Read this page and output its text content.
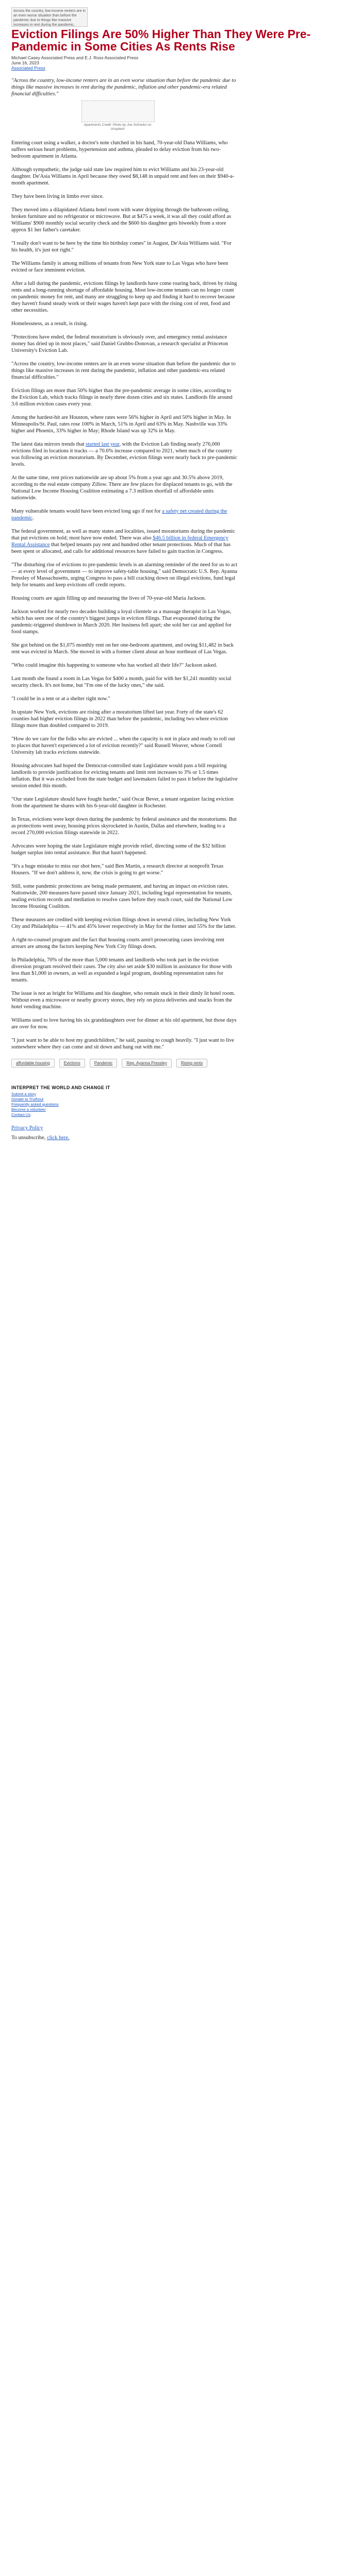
Across the country, low-income renters are in an even worse situation than before the pandemic due to things like massive increases in rent during the pandemic,
Eviction Filings Are 50% Higher Than They Were Pre-Pandemic in Some Cities As Rents Rise

Michael Casey Associated Press and E.J. Ross Associated Press

June 16, 2023

Associated Press

"Across the country, low-income renters are in an even worse situation than before the pandemic due to things like massive increases in rent during the pandemic, inflation and other pandemic-era related financial difficulties."

Apartments Credit: Photo by Joe Sofranko on Unsplash

Entering court using a walker, a doctor's note clutched in his hand, 70-year-old Dana Williams, who suffers serious heart problems, hypertension and asthma, pleaded to delay eviction from his two-bedroom apartment in Atlanta.

Although sympathetic, the judge said state law required him to evict Williams and his 23-year-old daughter. De'Asia Williams in April because they owed $8,148 in unpaid rent and fees on their $940-a-month apartment.

They have been living in limbo ever since.

They moved into a dilapidated Atlanta hotel room with water dripping through the bathroom ceiling, broken furniture and no refrigerator or microwave. But at $475 a week, it was all they could afford as Williams' $900 monthly social security check and the $600 his daughter gets biweekly from a store approx $1 her father's caretaker.

"I really don't want to be here by the time his birthday comes" in August, De'Asia Williams said. "For his health, it's just not right."

The Williams family is among millions of tenants from New York state to Las Vegas who have been evicted or face imminent eviction.

After a lull during the pandemic, evictions filings by landlords have come roaring back, driven by rising rents and a long-running shortage of affordable housing. Most low-income tenants can no longer count on pandemic money for rent, and many are struggling to keep up and finding it hard to recover because they haven't found steady work or their wages haven't kept pace with the rising cost of rent, food and other necessities.

Homelessness, as a result, is rising.

"Protections have ended, the federal moratorium is obviously over, and emergency rental assistance money has dried up in most places," said Daniel Grubbs-Donovan, a research specialist at Princeton University's Eviction Lab.

"Across the country, low-income renters are in an even worse situation than before the pandemic due to things like massive increases in rent during the pandemic, inflation and other pandemic-era related financial difficulties."

Eviction filings are more than 50% higher than the pre-pandemic average in some cities, according to the Eviction Lab, which tracks filings in nearly three dozen cities and six states. Landlords file around 3.6 million eviction cases every year.

Among the hardest-hit are Houston, where rates were 56% higher in April and 50% higher in May. In Minneapolis/St. Paul, rates rose 100% in March, 51% in April and 63% in May. Nashville was 33% higher and Phoenix, 33% higher in May; Rhode Island was up 32% in May.

The latest data mirrors trends that started last year, with the Eviction Lab finding nearly 276,000 evictions filed in locations it tracks — a 70.6% increase compared to 2021, when much of the country was following an eviction moratorium. By December, eviction filings were nearly back to pre-pandemic levels.

At the same time, rent prices nationwide are up about 5% from a year ago and 30.5% above 2019, according to the real estate company Zillow. There are few places for displaced tenants to go, with the National Low Income Housing Coalition estimating a 7.3 million shortfall of affordable units nationwide.

Many vulnerable tenants would have been evicted long ago if not for a safety net created during the pandemic.

The federal government, as well as many states and localities, issued moratoriums during the pandemic that put evictions on hold; most have now ended. There was also $46.5 billion in federal Emergency Rental Assistance that helped tenants pay rent and hundred other tenant protections. Much of that has been spent or allocated, and calls for additional resources have failed to gain traction in Congress.

"The disturbing rise of evictions to pre-pandemic levels is an alarming reminder of the need for us to act — at every level of government — to improve safety-table housing," said Democratic U.S. Rep. Ayanna Pressley of Massachusetts, urging Congress to pass a bill cracking down on illegal evictions, fund legal help for tenants and keep evictions off credit reports.

Housing courts are again filling up and measuring the lives of 70-year-old Maria Jackson.

Jackson worked for nearly two decades building a loyal clientele as a massage therapist in Las Vegas, which has seen one of the country's biggest jumps in eviction filings. That evaporated during the pandemic-triggered shutdown in March 2020. Her business fell apart; she sold her car and applied for food stamps.

She got behind on the $1,075 monthly rent on her one-bedroom apartment, and owing $11,482 in back rent was evicted in March. She moved in with a former client about an hour northeast of Las Vegas.

"Who could imagine this happening to someone who has worked all their life?" Jackson asked.

Last month she found a room in Las Vegas for $400 a month, paid for with her $1,241 monthly social security check. It's not home, but "I'm one of the lucky ones," she said.

"I could be in a tent or at a shelter right now."

In upstate New York, evictions are rising after a moratorium lifted last year. Forty of the state's 62 counties had higher eviction filings in 2022 than before the pandemic, including two where eviction filings more than doubled compared to 2019.

"How do we care for the folks who are evicted ... when the capacity is not in place and ready to roll out to places that haven't experienced a lot of eviction recently?" said Russell Weaver, whose Cornell University lab tracks evictions statewide.

Housing advocates had hoped the Democrat-controlled state Legislature would pass a bill requiring landlords to provide justification for evicting tenants and limit rent increases to 3% or 1.5 times inflation. But it was excluded from the state budget and lawmakers failed to pass it before the legislative session ended this month.

"Our state Legislature should have fought harder," said Oscar Bever, a tenant organizer facing eviction from the apartment he shares with his 6-year-old daughter in Rochester.

In Texas, evictions were kept down during the pandemic by federal assistance and the moratoriums. But as protections went away, housing prices skyrocketed in Austin, Dallas and elsewhere, leading to a record 270,000 eviction filings statewide in 2022.

Advocates were hoping the state Legislature might provide relief, directing some of the $32 billion budget surplus into rental assistance. But that hasn't happened.

"It's a huge mistake to miss our shot here," said Ben Martin, a research director at nonprofit Texas Housers. "If we don't address it, now, the crisis is going to get worse."

Still, some pandemic protections are being made permanent, and having an impact on eviction rates. Nationwide, 200 measures have passed since January 2021, including legal representation for tenants, sealing eviction records and mediation to resolve cases before they reach court, said the National Low Income Housing Coalition.

These measures are credited with keeping eviction filings down in several cities, including New York City and Philadelphia — 41% and 45% lower respectively in May for the former and 55% for the latter.

A right-to-counsel program and the fact that housing courts aren't prosecuting cases involving rent arrears are among the factors keeping New York City filings down.

In Philadelphia, 70% of the more than 5,000 tenants and landlords who took part in the eviction diversion program resolved their cases. The city also set aside $30 million in assistance for those with less than $1,000 in owners, as well as expanded a legal program, doubling representation rates for tenants.

The issue is not as bright for Williams and his daughter, who remain stuck in their dimly lit hotel room. Without even a microwave or nearby grocery stores, they rely on pizza deliveries and snacks from the hotel vending machine.

Williams used to love having his six granddaughters over for dinner at his old apartment, but those days are over for now.

"I just want to be able to host my grandchildren," he said, pausing to cough heavily. "I just want to live somewhere where they can come and sit down and hang out with me."

affordable housing	Evictions	Pandemic	Rep. Ayanna Pressley	Rising rents
INTERPRET THE WORLD AND CHANGE IT
Submit a story
Donate to Truthout
Frequently asked questions
Become a volunteer
Contact Us

Privacy Policy

To unsubscribe, click here.
